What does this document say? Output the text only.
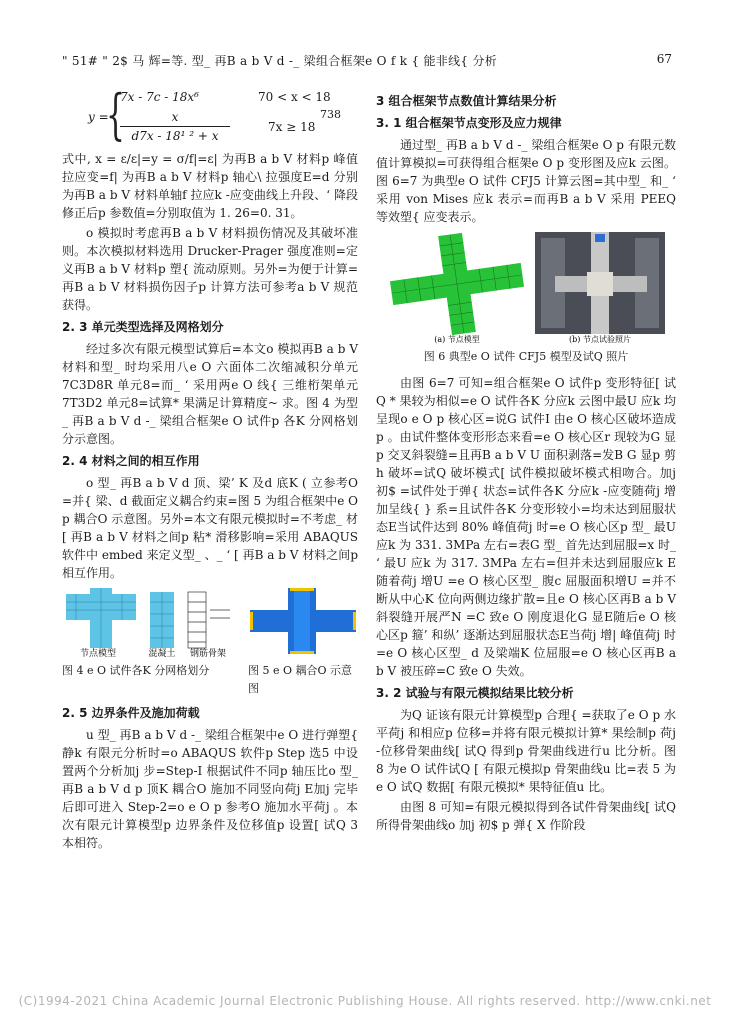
" 51# " 2$ 马 辉=等. 型_ 再B a b V d -_ 梁组合框架e O f k { 能非线{ 分析	67
y =
{
7x - 7c - 18x⁶	70 < x < 18
738
$\frac{x}{\text{d7x - 18¹ ² + x}}$	7x ≥ 18

式中, x = ε/ε|=y = σ/f|=ε| 为再B a b V 材料p 峰值拉应变=f| 为再B a b V 材料p 轴心\ 拉强度E=d 分别为再B a b V 材料单轴f 拉应k -应变曲线上升段、‘ 降段修正后p 参数值=分别取值为 1. 26=0. 31。

o 模拟时考虑再B a b V 材料损伤情况及其破坏准则。本次模拟材料选用 Drucker-Prager 强度准则=定义再B a b V 材料p 塑{ 流动原则。另外=为便于计算=再B a b V 材料损伤因子p 计算方法可参考a b V 规范获得。

2. 3 单元类型选择及网格划分

经过多次有限元模型试算后=本文o 模拟再B a b V 材料和型_ 时均采用八e O 六面体二次缩减积分单元7C3D8R 单元8=而_ ‘ 采用两e O 线{ 三维桁架单元7T3D2 单元8=试算* 果满足计算精度~ 求。图 4 为型_ 再B a b V d -_ 梁组合框架e O 试件p 各K 分网格划分示意图。

2. 4 材料之间的相互作用

o 型_ 再B a b V d 顶、梁’ K 及d 底K ( 立参考O =并{ 梁、d 截面定义耦合约束=图 5 为组合框架中e O p 耦合O 示意图。另外=本文有限元模拟时=不考虑_ 材[ 再B a b V 材料之间p 粘* 滑移影响=采用 ABAQUS 软件中 embed 来定义型_ 、_ ‘ [ 再B a b V 材料之间p 相互作用。

节点模型	混凝土 钢筋骨架
图 4 e O 试件各K 分网格划分	图 5 e O 耦合O 示意图
2. 5 边界条件及施加荷载

u 型_ 再B a b V d -_ 梁组合框架中e O 进行弹塑{ 静k 有限元分析时=o ABAQUS 软件p Step 选5 中设置两个分析加j 步=Step-I 根据试件不同p 轴压比o 型_ 再B a b V d p 顶K 耦合O 施加不同竖向荷j E加j 完毕后即可进入 Step-2=o e O p 参考O 施加水平荷j 。本次有限元计算模型p 边界条件及位移值p 设置[ 试Q 3 本相符。

3 组合框架节点数值计算结果分析
3. 1 组合框架节点变形及应力规律

通过型_ 再B a b V d -_ 梁组合框架e O p 有限元数值计算模拟=可获得组合框架e O p 变形图及应k 云图。图 6=7 为典型e O 试件 CFJ5 计算云图=其中型_ 和_ ‘ 采用 von Mises 应k 表示=而再B a b V 采用 PEEQ 等效塑{ 应变表示。

(a) 节点模型	(b) 节点试验照片
图 6 典型e O 试件 CFJ5 模型及试Q 照片

由图 6=7 可知=组合框架e O 试件p 变形特征[ 试Q * 果较为相似=e O 试件各K 分应k 云图中最U 应k 均呈现o e O p 核心区=说G 试件I 由e O 核心区破坏造成p 。由试件整体变形形态来看=e O 核心区r 现较为G 显p 交叉斜裂缝=且再B a b V U 面积剥落=发B G 显p 剪h 破坏=试Q 破坏模式[ 试件模拟破坏模式相吻合。加j 初$ =试件处于弹{ 状态=试件各K 分应k -应变随荷j 增加呈线{ } 系=且试件各K 分变形较小=均未达到屈服状态E当试件达到 80% 峰值荷j 时=e O 核心区p 型_ 最U 应k 为 331. 3MPa 左右=表G 型_ 首先达到屈服=x 时_ ‘ 最U 应k 为 317. 3MPa 左右=但并未达到屈服应k E随着荷j 增U =e O 核心区型_ 腹c 屈服面积增U =并不断从中心K 位向两侧边缘扩散=且e O 核心区再B a b V 斜裂缝开展严N =C 致e O 刚度退化G 显E随后e O 核心区p 箍’ 和纵’ 逐渐达到屈服状态E当荷j 增| 峰值荷j 时=e O 核心区型_ d 及梁端K 位屈服=e O 核心区再B a b V 被压碎=C 致e O 失效。

3. 2 试验与有限元模拟结果比较分析

为Q 证该有限元计算模型p 合理{ =获取了e O p 水平荷j 和相应p 位移=并将有限元模拟计算* 果绘制p 荷j -位移骨架曲线[ 试Q 得到p 骨架曲线进行u 比分析。图 8 为e O 试件试Q [ 有限元模拟p 骨架曲线u 比=表 5 为e O 试Q 数据[ 有限元模拟* 果特征值u 比。

由图 8 可知=有限元模拟得到各试件骨架曲线[ 试Q 所得骨架曲线o 加j 初$ p 弹{ X 作阶段

(C)1994-2021 China Academic Journal Electronic Publishing House. All rights reserved. http://www.cnki.net
